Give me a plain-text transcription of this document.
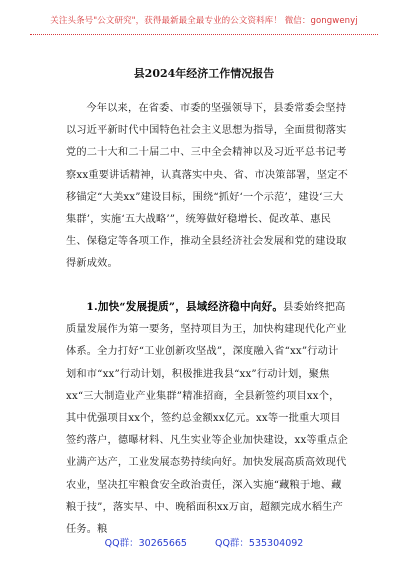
关注头条号"公文研究"，获得最新最全最专业的公文资料库！ 微信：gongwenyj
县2024年经济工作情况报告

今年以来，在省委、市委的坚强领导下，县委常委会坚持以习近平新时代中国特色社会主义思想为指导，全面贯彻落实党的二十大和二十届二中、三中全会精神以及习近平总书记考察xx重要讲话精神，认真落实中央、省、市决策部署，坚定不移锚定“大美xx”建设目标，围绕“抓好‘一个示范’，建设‘三大集群’，实施‘五大战略’”，统筹做好稳增长、促改革、惠民生、保稳定等各项工作，推动全县经济社会发展和党的建设取得新成效。

1.加快“发展提质”，县域经济稳中向好。县委始终把高质量发展作为第一要务，坚持项目为王，加快构建现代化产业体系。全力打好“工业创新攻坚战”，深度融入省“xx”行动计划和市“xx”行动计划，积极推进我县“xx”行动计划，聚焦xx“三大制造业产业集群”精准招商，全县新签约项目xx个，其中优强项目xx个，签约总金额xx亿元。xx等一批重大项目签约落户，德曝材料、凡生实业等企业加快建设，xx等重点企业满产达产，工业发展态势持续向好。加快发展高质高效现代农业，坚决扛牢粮食安全政治责任，深入实施“藏粮于地、藏粮于技”，落实早、中、晚稻面积xx万亩，超额完成水稻生产任务。粮

QQ群：30265665	QQ群：535304092
